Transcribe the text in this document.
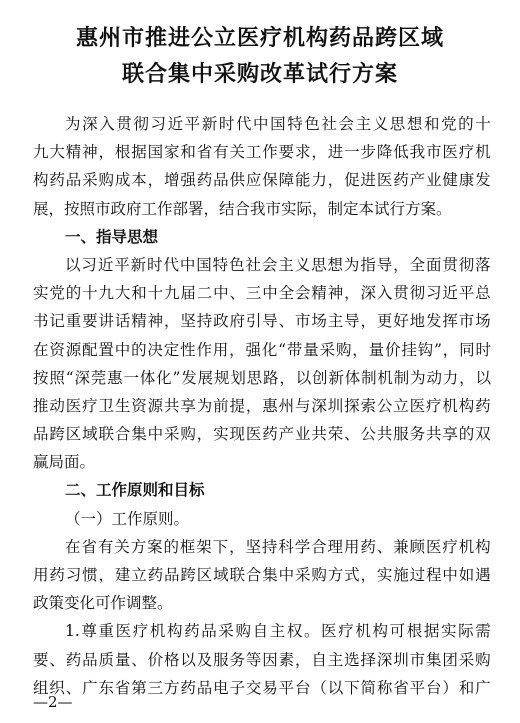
惠州市推进公立医疗机构药品跨区域
联合集中采购改革试行方案
为 深 入 贯 彻 习 近 平 新 时 代 中 国 特 色 社 会 主 义 思 想 和 党 的 十
九 大 精 神 ， 根 据 国 家 和 省 有 关 工 作 要 求 ， 进 一 步 降 低 我 市 医 疗 机
构 药 品 采 购 成 本 ， 增 强 药 品 供 应 保 障 能 力 ， 促 进 医 药 产 业 健 康 发
展，按照市政府工作部署，结合我市实际，制定本试行方案。
一、指导思想
以 习 近 平 新 时 代 中 国 特 色 社 会 主 义 思 想 为 指 导 ， 全 面 贯 彻 落
实 党 的 十 九 大 和 十 九 届 二 中 、 三 中 全 会 精 神 ， 深 入 贯 彻 习 近 平 总
书 记 重 要 讲 话 精 神 ， 坚 持 政 府 引 导 、 市 场 主 导 ， 更 好 地 发 挥 市 场
在 资 源 配 置 中 的 决 定 性 作 用 ， 强 化 “ 带 量 采 购 ， 量 价 挂 钩 ” ， 同 时
按 照 “ 深 莞 惠 一 体 化 ” 发 展 规 划 思 路 ， 以 创 新 体 制 机 制 为 动 力 ， 以
推 动 医 疗 卫 生 资 源 共 享 为 前 提 ， 惠 州 与 深 圳 探 索 公 立 医 疗 机 构 药
品 跨 区 域 联 合 集 中 采 购 ， 实 现 医 药 产 业 共 荣 、 公 共 服 务 共 享 的 双
赢局面。
二、工作原则和目标
（一）工作原则。
在 省 有 关 方 案 的 框 架 下 ， 坚 持 科 学 合 理 用 药 、 兼 顾 医 疗 机 构
用 药 习 惯 ， 建 立 药 品 跨 区 域 联 合 集 中 采 购 方 式 ， 实 施 过 程 中 如 遇
政策变化可作调整。
1. 尊 重 医 疗 机 构 药 品 采 购 自 主 权 。 医 疗 机 构 可 根 据 实 际 需
要 、 药 品 质 量 、 价 格 以 及 服 务 等 因 素 ， 自 主 选 择 深 圳 市 集 团 采 购
组 织 、 广 东 省 第 三 方 药 品 电 子 交 易 平 台 （ 以 下 简 称 省 平 台 ） 和 广
—2—
